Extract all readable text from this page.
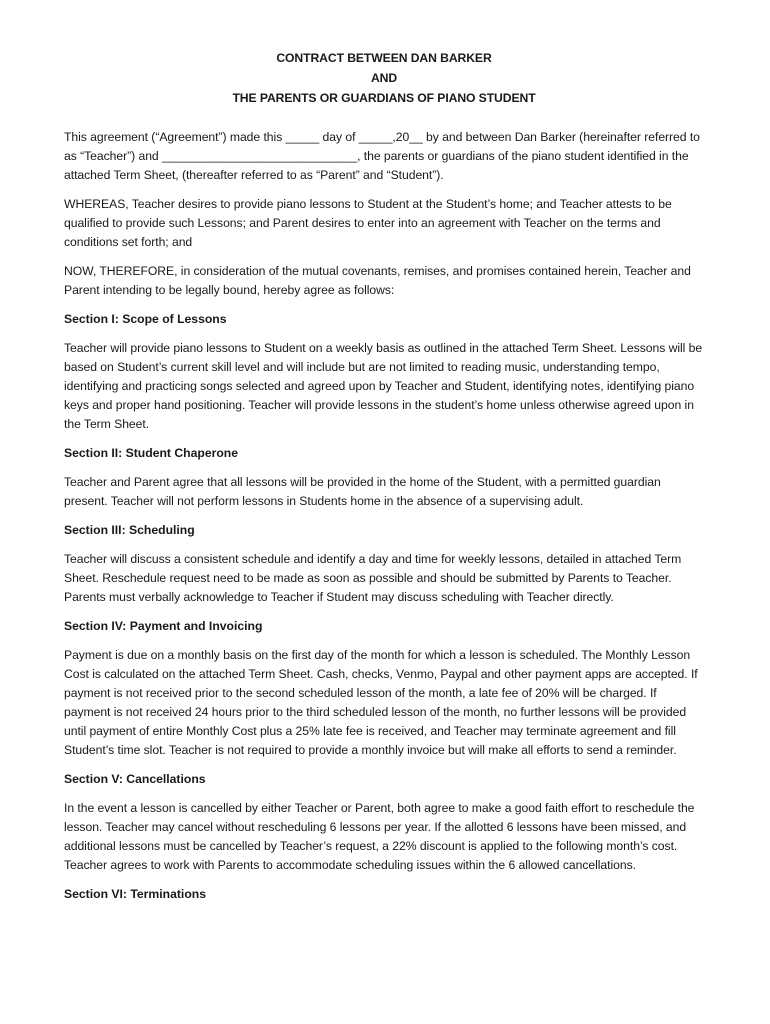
CONTRACT BETWEEN DAN BARKER
AND
THE PARENTS OR GUARDIANS OF PIANO STUDENT

This agreement (“Agreement”) made this _____ day of _____,20__ by and between Dan Barker (hereinafter referred to as “Teacher”) and _____________________________, the parents or guardians of the piano student identified in the attached Term Sheet, (thereafter referred to as “Parent” and “Student”).

WHEREAS, Teacher desires to provide piano lessons to Student at the Student’s home; and Teacher attests to be qualified to provide such Lessons; and Parent desires to enter into an agreement with Teacher on the terms and conditions set forth; and

NOW, THEREFORE, in consideration of the mutual covenants, remises, and promises contained herein, Teacher and Parent intending to be legally bound, hereby agree as follows:

Section I: Scope of Lessons

Teacher will provide piano lessons to Student on a weekly basis as outlined in the attached Term Sheet. Lessons will be based on Student’s current skill level and will include but are not limited to reading music, understanding tempo, identifying and practicing songs selected and agreed upon by Teacher and Student, identifying notes, identifying piano keys and proper hand positioning. Teacher will provide lessons in the student’s home unless otherwise agreed upon in the Term Sheet.

Section II: Student Chaperone

Teacher and Parent agree that all lessons will be provided in the home of the Student, with a permitted guardian present. Teacher will not perform lessons in Students home in the absence of a supervising adult.

Section III: Scheduling

Teacher will discuss a consistent schedule and identify a day and time for weekly lessons, detailed in attached Term Sheet. Reschedule request need to be made as soon as possible and should be submitted by Parents to Teacher. Parents must verbally acknowledge to Teacher if Student may discuss scheduling with Teacher directly.

Section IV: Payment and Invoicing

Payment is due on a monthly basis on the first day of the month for which a lesson is scheduled. The Monthly Lesson Cost is calculated on the attached Term Sheet. Cash, checks, Venmo, Paypal and other payment apps are accepted. If payment is not received prior to the second scheduled lesson of the month, a late fee of 20% will be charged. If payment is not received 24 hours prior to the third scheduled lesson of the month, no further lessons will be provided until payment of entire Monthly Cost plus a 25% late fee is received, and Teacher may terminate agreement and fill Student’s time slot. Teacher is not required to provide a monthly invoice but will make all efforts to send a reminder.

Section V: Cancellations

In the event a lesson is cancelled by either Teacher or Parent, both agree to make a good faith effort to reschedule the lesson. Teacher may cancel without rescheduling 6 lessons per year. If the allotted 6 lessons have been missed, and additional lessons must be cancelled by Teacher’s request, a 22% discount is applied to the following month’s cost. Teacher agrees to work with Parents to accommodate scheduling issues within the 6 allowed cancellations.

Section VI: Terminations
